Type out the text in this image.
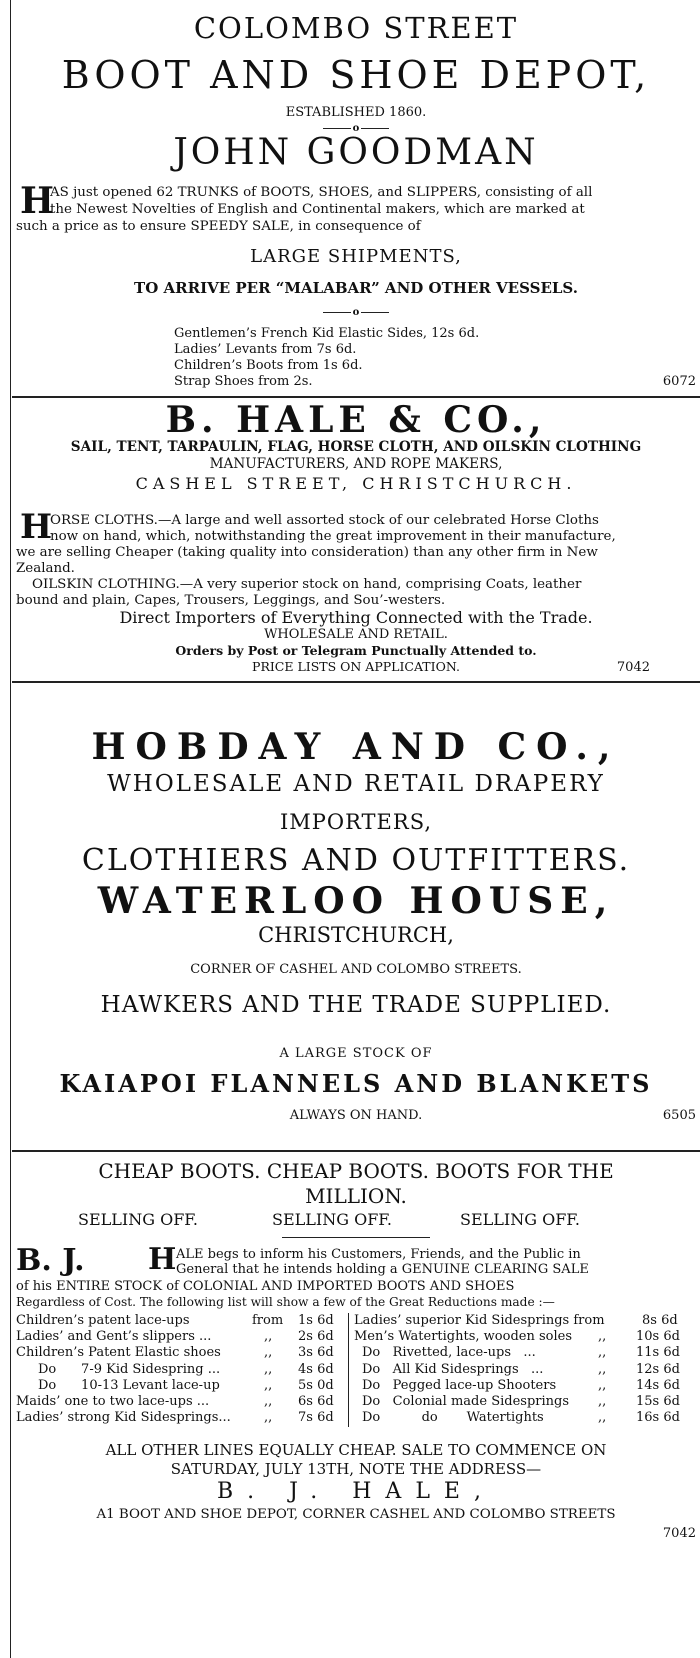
COLOMBO STREET
BOOT AND SHOE DEPOT,
ESTABLISHED 1860.
o
JOHN GOODMAN
H
AS just opened 62 TRUNKS of BOOTS, SHOES, and SLIPPERS, consisting of all
the Newest Novelties of English and Continental makers, which are marked at
such a price as to ensure SPEEDY SALE, in consequence of
LARGE SHIPMENTS,
TO ARRIVE PER “MALABAR” AND OTHER VESSELS.
o
Gentlemen’s French Kid Elastic Sides, 12s 6d.
Ladies’ Levants from 7s 6d.
Children’s Boots from 1s 6d.
Strap Shoes from 2s.	6072
B. HALE & CO.,
SAIL, TENT, TARPAULIN, FLAG, HORSE CLOTH, AND OILSKIN CLOTHING
MANUFACTURERS, AND ROPE MAKERS,
CASHEL STREET, CHRISTCHURCH.
H
ORSE CLOTHS.—A large and well assorted stock of our celebrated Horse Cloths
now on hand, which, notwithstanding the great improvement in their manufacture,
we are selling Cheaper (taking quality into consideration) than any other firm in New
Zealand.
OILSKIN CLOTHING.—A very superior stock on hand, comprising Coats, leather
bound and plain, Capes, Trousers, Leggings, and Sou’-westers.
Direct Importers of Everything Connected with the Trade.
WHOLESALE AND RETAIL.
Orders by Post or Telegram Punctually Attended to.
PRICE LISTS ON APPLICATION.	7042
HOBDAY AND CO.,
WHOLESALE AND RETAIL DRAPERY
IMPORTERS,
CLOTHIERS AND OUTFITTERS.
WATERLOO HOUSE,
CHRISTCHURCH,
CORNER OF CASHEL AND COLOMBO STREETS.
HAWKERS AND THE TRADE SUPPLIED.
A LARGE STOCK OF
KAIAPOI FLANNELS AND BLANKETS
ALWAYS ON HAND.	6505
CHEAP BOOTS. CHEAP BOOTS. BOOTS FOR THE
MILLION.
SELLING OFF.	SELLING OFF.	SELLING OFF.
B. J. H ALE begs to inform his Customers, Friends, and the Public in
General that he intends holding a GENUINE CLEARING SALE
of his ENTIRE STOCK of COLONIAL AND IMPORTED BOOTS AND SHOES
Regardless of Cost. The following list will show a few of the Great Reductions made :—
Children’s patent lace-ups	from 1s 6d
Ladies’ and Gent’s slippers ...	,, 2s 6d
Children’s Patent Elastic shoes	,, 3s 6d
Do      7-9 Kid Sidespring ...	,, 4s 6d
Do      10-13 Levant lace-up	,, 5s 0d
Maids’ one to two lace-ups ...	,, 6s 6d
Ladies’ strong Kid Sidesprings...	,, 7s 6d
Ladies’ superior Kid Sidesprings from	8s 6d
Men’s Watertights, wooden soles ,, 10s 6d
Do   Rivetted, lace-ups   ...	,, 11s 6d
Do   All Kid Sidesprings   ...	,, 12s 6d
Do   Pegged lace-up Shooters	,, 14s 6d
Do   Colonial made Sidesprings ,, 15s 6d
Do          do       Watertights	,, 16s 6d
ALL OTHER LINES EQUALLY CHEAP. SALE TO COMMENCE ON
SATURDAY, JULY 13TH, NOTE THE ADDRESS—
B. J. HALE,
A1 BOOT AND SHOE DEPOT, CORNER CASHEL AND COLOMBO STREETS
7042
